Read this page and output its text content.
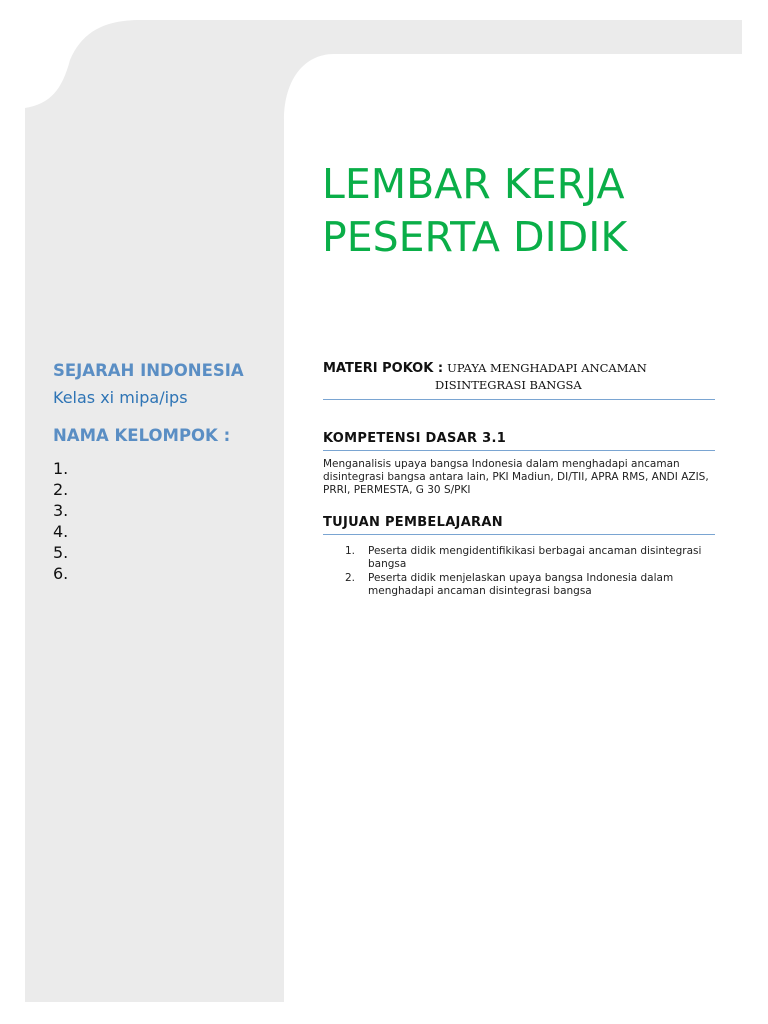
LEMBAR KERJA
PESERTA DIDIK

SEJARAH INDONESIA

Kelas xi mipa/ips

NAMA KELOMPOK :

1.
2.
3.
4.
5.
6.
MATERI POKOK : UPAYA MENGHADAPI ANCAMAN
DISINTEGRASI BANGSA

KOMPETENSI DASAR 3.1

Menganalisis upaya bangsa Indonesia dalam menghadapi ancaman disintegrasi bangsa antara lain, PKI Madiun, DI/TII, APRA RMS, ANDI AZIS, PRRI, PERMESTA, G 30 S/PKI

TUJUAN PEMBELAJARAN

1. Peserta didik mengidentifikikasi berbagai ancaman disintegrasi bangsa
2. Peserta didik menjelaskan upaya bangsa Indonesia dalam menghadapi ancaman disintegrasi bangsa
